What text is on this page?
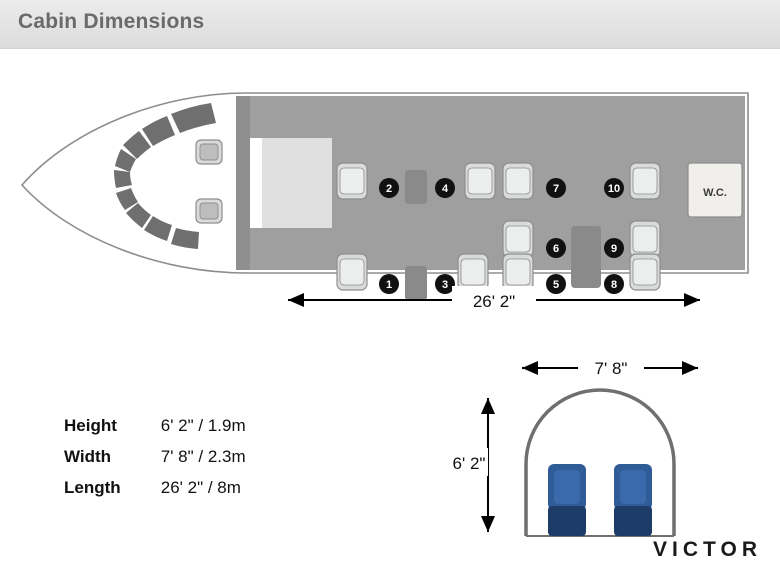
Cabin Dimensions
1
2
3
4
5
6
7
8
9
10	W.C.
26' 2"
7' 8"
6' 2"
Height	6' 2" / 1.9m
Width	7' 8" / 2.3m
Length 26' 2" / 8m
VICTOR
